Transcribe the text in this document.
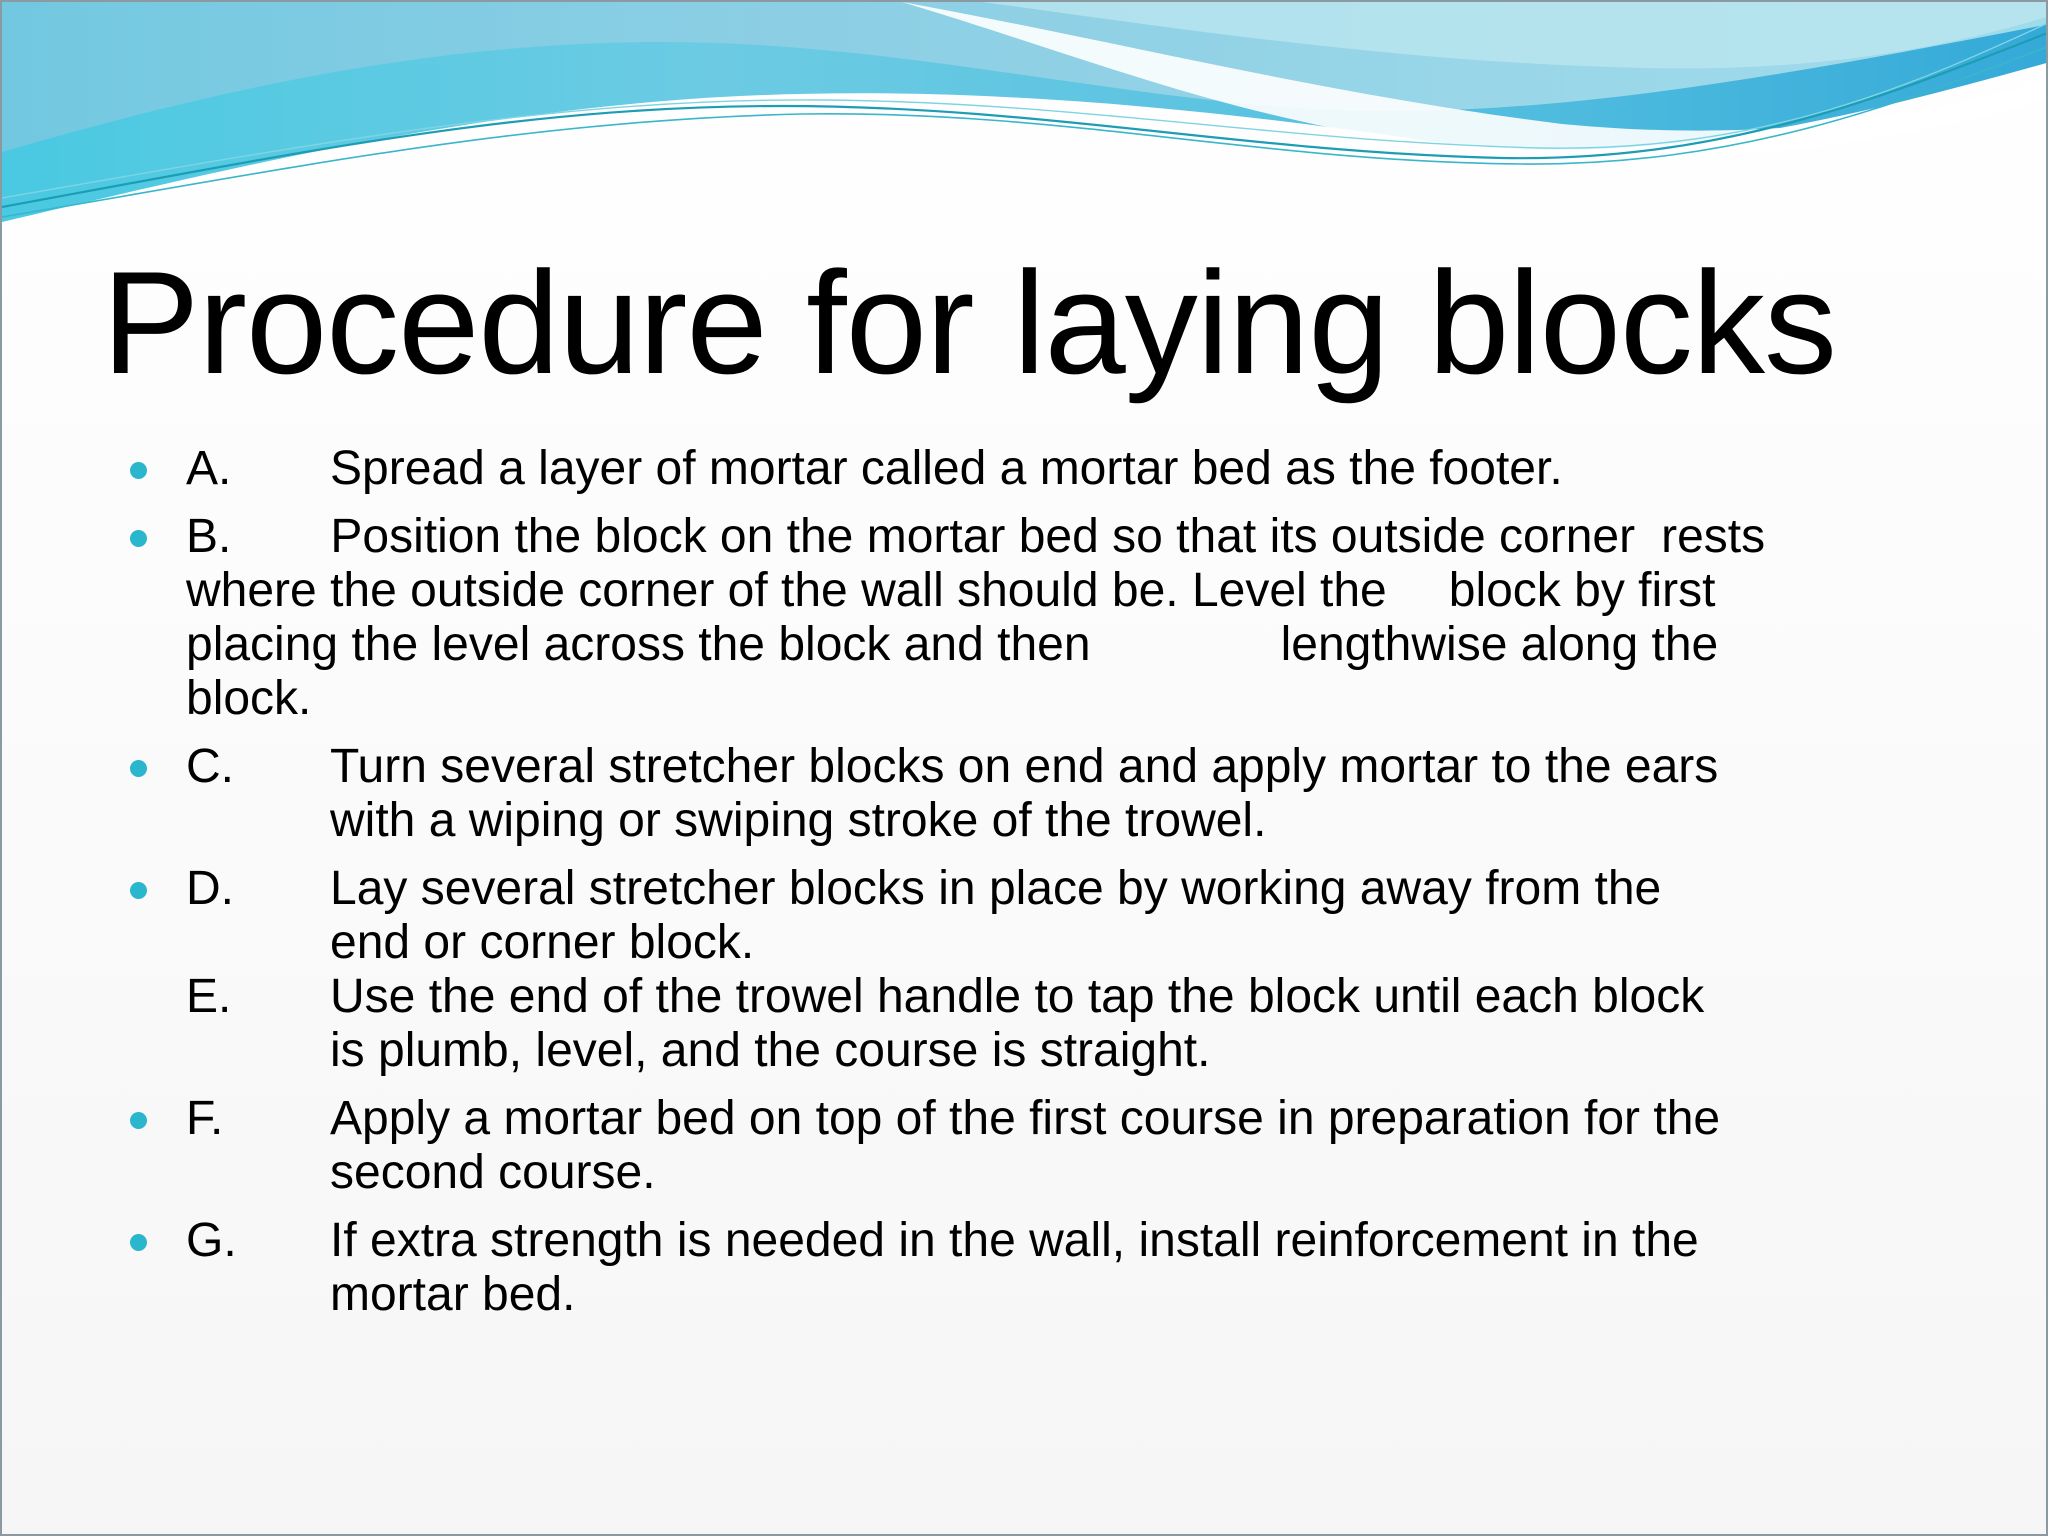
Procedure for laying blocks
A. Spread a layer of mortar called a mortar bed as the footer.
B. Position the block on the mortar bed so that its outside corner rests
where the outside corner of the wall should be. Level the block by first
placing the level across the block and then	lengthwise along the
block.
C. Turn several stretcher blocks on end and apply mortar to the ears
with a wiping or swiping stroke of the trowel.
D. Lay several stretcher blocks in place by working away from the
end or corner block.
E. Use the end of the trowel handle to tap the block until each block
is plumb, level, and the course is straight.
F. Apply a mortar bed on top of the first course in preparation for the
second course.
G. If extra strength is needed in the wall, install reinforcement in the
mortar bed.
